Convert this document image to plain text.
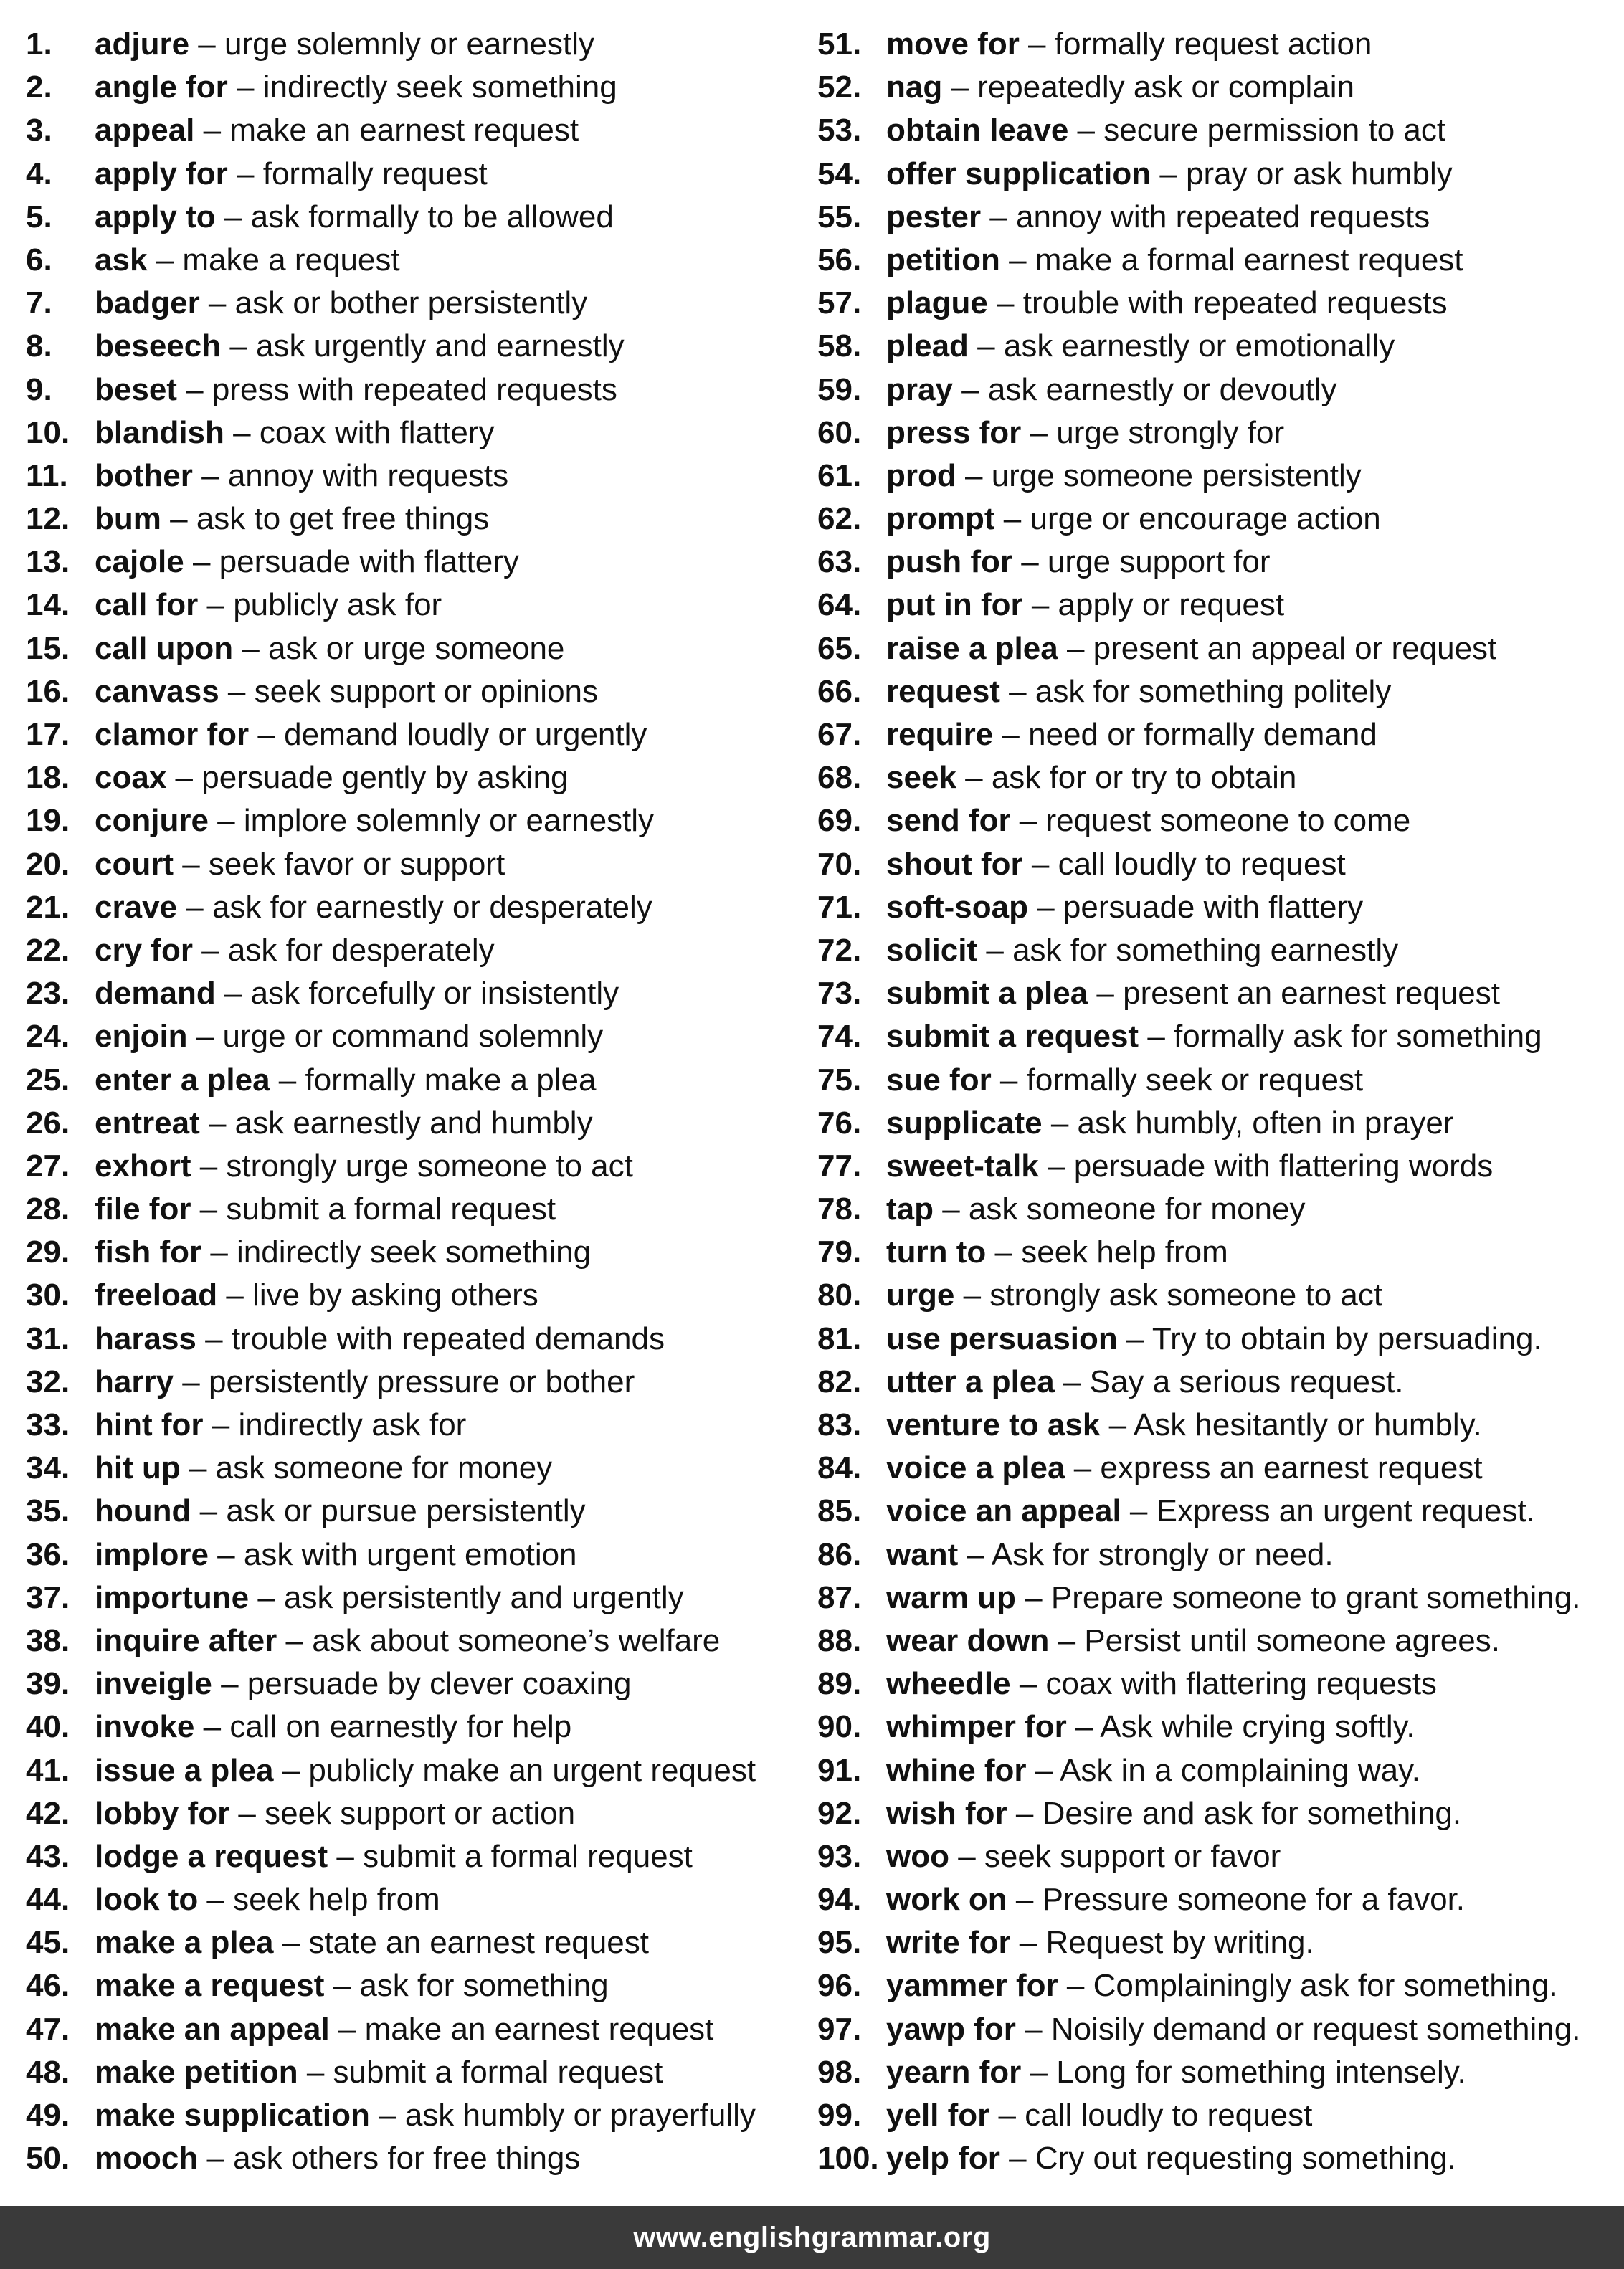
1. adjure – urge solemnly or earnestly
2. angle for – indirectly seek something
3. appeal – make an earnest request
4. apply for – formally request
5. apply to – ask formally to be allowed
6. ask – make a request
7. badger – ask or bother persistently
8. beseech – ask urgently and earnestly
9. beset – press with repeated requests
10. blandish – coax with flattery
11. bother – annoy with requests
12. bum – ask to get free things
13. cajole – persuade with flattery
14. call for – publicly ask for
15. call upon – ask or urge someone
16. canvass – seek support or opinions
17. clamor for – demand loudly or urgently
18. coax – persuade gently by asking
19. conjure – implore solemnly or earnestly
20. court – seek favor or support
21. crave – ask for earnestly or desperately
22. cry for – ask for desperately
23. demand – ask forcefully or insistently
24. enjoin – urge or command solemnly
25. enter a plea – formally make a plea
26. entreat – ask earnestly and humbly
27. exhort – strongly urge someone to act
28. file for – submit a formal request
29. fish for – indirectly seek something
30. freeload – live by asking others
31. harass – trouble with repeated demands
32. harry – persistently pressure or bother
33. hint for – indirectly ask for
34. hit up – ask someone for money
35. hound – ask or pursue persistently
36. implore – ask with urgent emotion
37. importune – ask persistently and urgently
38. inquire after – ask about someone’s welfare
39. inveigle – persuade by clever coaxing
40. invoke – call on earnestly for help
41. issue a plea – publicly make an urgent request
42. lobby for – seek support or action
43. lodge a request – submit a formal request
44. look to – seek help from
45. make a plea – state an earnest request
46. make a request – ask for something
47. make an appeal – make an earnest request
48. make petition – submit a formal request
49. make supplication – ask humbly or prayerfully
50. mooch – ask others for free things
51. move for – formally request action
52. nag – repeatedly ask or complain
53. obtain leave – secure permission to act
54. offer supplication – pray or ask humbly
55. pester – annoy with repeated requests
56. petition – make a formal earnest request
57. plague – trouble with repeated requests
58. plead – ask earnestly or emotionally
59. pray – ask earnestly or devoutly
60. press for – urge strongly for
61. prod – urge someone persistently
62. prompt – urge or encourage action
63. push for – urge support for
64. put in for – apply or request
65. raise a plea – present an appeal or request
66. request – ask for something politely
67. require – need or formally demand
68. seek – ask for or try to obtain
69. send for – request someone to come
70. shout for – call loudly to request
71. soft-soap – persuade with flattery
72. solicit – ask for something earnestly
73. submit a plea – present an earnest request
74. submit a request – formally ask for something
75. sue for – formally seek or request
76. supplicate – ask humbly, often in prayer
77. sweet-talk – persuade with flattering words
78. tap – ask someone for money
79. turn to – seek help from
80. urge – strongly ask someone to act
81. use persuasion – Try to obtain by persuading.
82. utter a plea – Say a serious request.
83. venture to ask – Ask hesitantly or humbly.
84. voice a plea – express an earnest request
85. voice an appeal – Express an urgent request.
86. want – Ask for strongly or need.
87. warm up – Prepare someone to grant something.
88. wear down – Persist until someone agrees.
89. wheedle – coax with flattering requests
90. whimper for – Ask while crying softly.
91. whine for – Ask in a complaining way.
92. wish for – Desire and ask for something.
93. woo – seek support or favor
94. work on – Pressure someone for a favor.
95. write for – Request by writing.
96. yammer for – Complainingly ask for something.
97. yawp for – Noisily demand or request something.
98. yearn for – Long for something intensely.
99. yell for – call loudly to request
100. yelp for – Cry out requesting something.
www.englishgrammar.org
